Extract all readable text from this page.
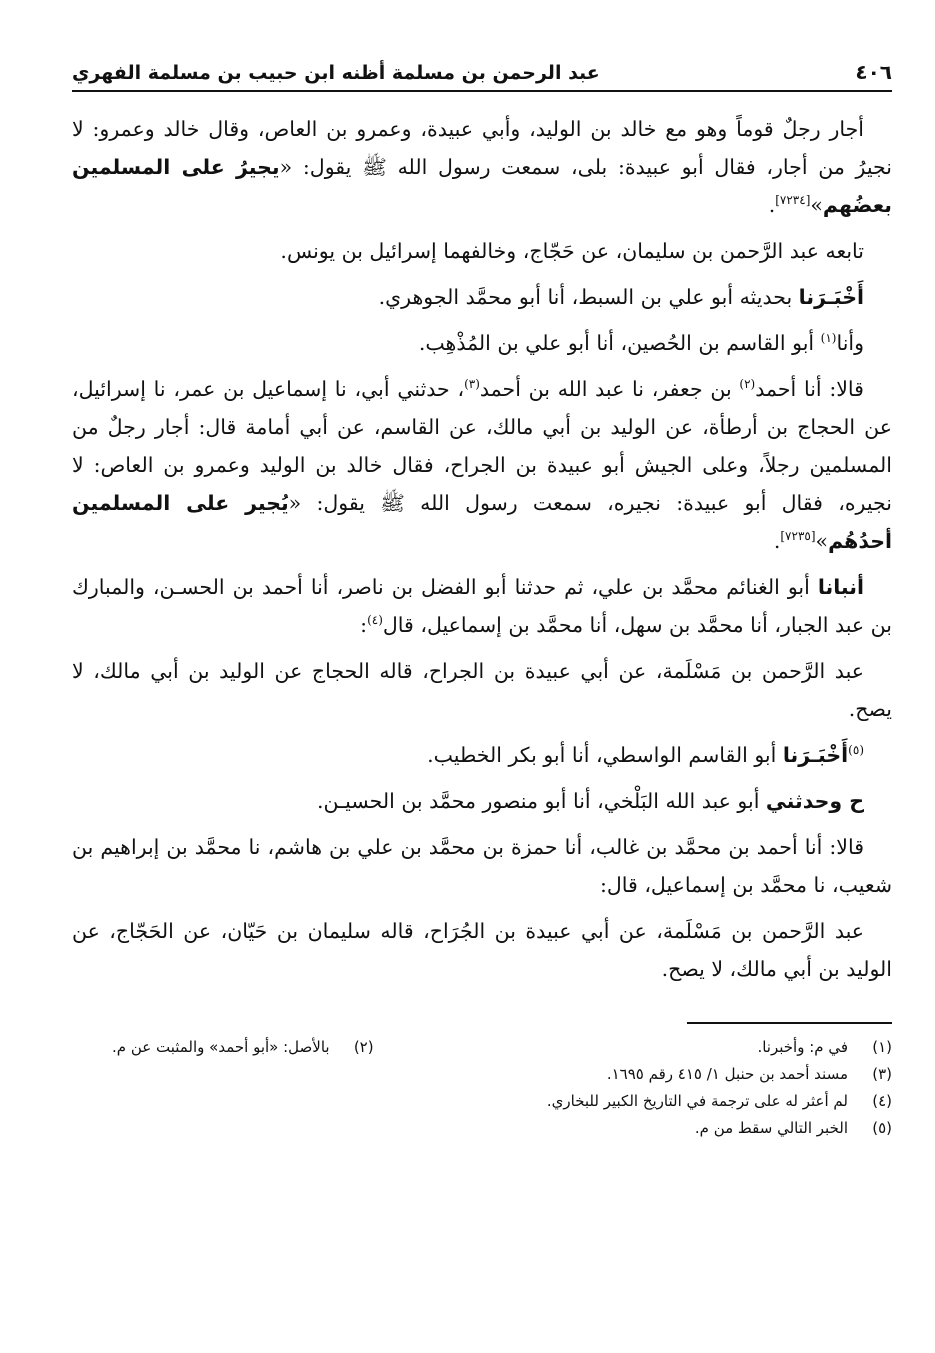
٤٠٦
عبد الرحمن بن مسلمة أظنه ابن حبيب بن مسلمة الفهري

أجار رجلٌ قوماً وهو مع خالد بن الوليد، وأبي عبيدة، وعمرو بن العاص، وقال خالد وعمرو: لا نجيرُ من أجار، فقال أبو عبيدة: بلى، سمعت رسول الله ﷺ يقول: «يجيرُ على المسلمين بعضُهم»[٧٢٣٤].

تابعه عبد الرَّحمن بن سليمان، عن حَجّاج، وخالفهما إسرائيل بن يونس.

أَخْبَـرَنا بحديثه أبو علي بن السبط، أنا أبو محمَّد الجوهري.

وأنا$^{(١)}$ أبو القاسم بن الحُصين، أنا أبو علي بن المُذْهِب.

قالا: أنا أحمد$^{(٢)}$ بن جعفر، نا عبد الله بن أحمد$^{(٣)}$، حدثني أبي، نا إسماعيل بن عمر، نا إسرائيل، عن الحجاج بن أرطأة، عن الوليد بن أبي مالك، عن القاسم، عن أبي أمامة قال: أجار رجلٌ من المسلمين رجلاً، وعلى الجيش أبو عبيدة بن الجراح، فقال خالد بن الوليد وعمرو بن العاص: لا نجيره، فقال أبو عبيدة: نجيره، سمعت رسول الله ﷺ يقول: «يُجير على المسلمين أحدُهُم»[٧٢٣٥].

أنبانا أبو الغنائم محمَّد بن علي، ثم حدثنا أبو الفضل بن ناصر، أنا أحمد بن الحسـن، والمبارك بن عبد الجبار، أنا محمَّد بن سهل، أنا محمَّد بن إسماعيل، قال$^{(٤)}$:

عبد الرَّحمن بن مَسْلَمة، عن أبي عبيدة بن الجراح، قاله الحجاج عن الوليد بن أبي مالك، لا يصح.

$^{(٥)}$أَخْبَـرَنا أبو القاسم الواسطي، أنا أبو بكر الخطيب.

ح وحدثني أبو عبد الله البَلْخي، أنا أبو منصور محمَّد بن الحسيـن.

قالا: أنا أحمد بن محمَّد بن غالب، أنا حمزة بن محمَّد بن علي بن هاشم، نا محمَّد بن إبراهيم بن شعيب، نا محمَّد بن إسماعيل، قال:

عبد الرَّحمن بن مَسْلَمة، عن أبي عبيدة بن الجُرَاح، قاله سليمان بن حَيّان، عن الحَجّاج، عن الوليد بن أبي مالك، لا يصح.

(١)
في م: وأخبرنا.
(٢)
بالأصل: «أبو أحمد» والمثبت عن م.
(٣)
مسند أحمد بن حنبل ١/ ٤١٥ رقم ١٦٩٥.
(٤)
لم أعثر له على ترجمة في التاريخ الكبير للبخاري.
(٥)
الخبر التالي سقط من م.
